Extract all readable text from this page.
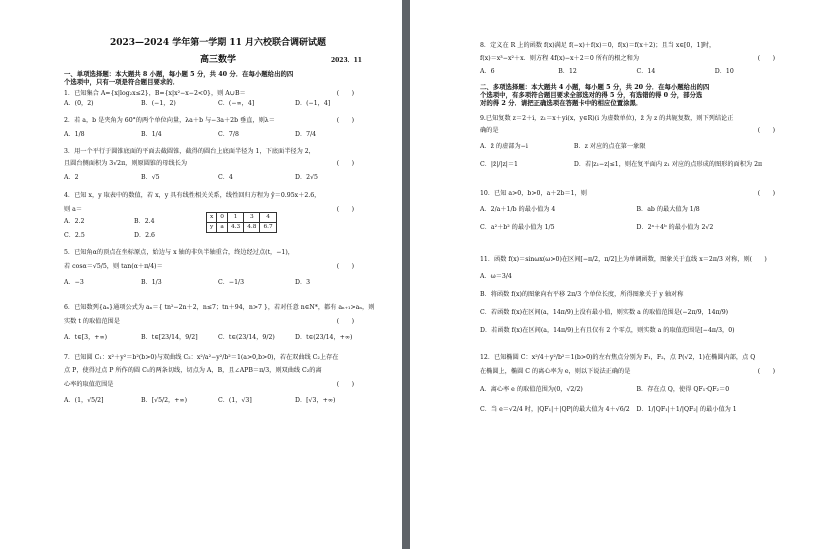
2023—2024 学年第一学期 11 月六校联合调研试题
高三数学	2023．11
一、单项选择题：本大题共 8 小题，每小题 5 分，共 40 分．在每小题给出的四
个选项中，只有一项是符合题目要求的．
1．已知集合 A={x|log₂x≤2}，B={x|x²−x−2<0}，则 A∪B＝	(　　)
A．(0，2)	B．(−1，2)	C．(−∞，4]	D．(−1，4]
2．若 a，b 是夹角为 60°的两个单位向量，λa＋b 与−3a＋2b 垂直，则λ＝	(　　)
A．1/8	B．1/4	C．7/8	D．7/4
3．用一个平行于圆锥底面的平面去截圆锥，截得的圆台上底面半径为 1，下底面半径为 2，
且圆台侧面积为 3√2π，则原圆锥的母线长为	(　　)
A．2	B．√5	C．4	D．2√5
4．已知 x，y 取表中的数值，若 x，y 具有线性相关关系，线性回归方程为 ŷ＝0.95x＋2.6，
则 a＝	(　　)
A．2.2	B．2.4
C．2.5	D．2.6
x	0	1	3	4
y	a	4.3	4.8	6.7
5．已知角α的顶点在坐标原点，始边与 x 轴的非负半轴重合，终边经过点(t，−1)，
若 cosα＝√5/5，则 tan(α＋π/4)＝	(　　)
A．−3	B．1/3	C．−1/3	D．3
6．已知数列{aₙ}通项公式为 aₙ＝{ tn²−2n＋2，n≤7；tn＋94，n>7 }，若对任意 n∈N*，都有 aₙ₊₁>aₙ，则
实数 t 的取值范围是	(　　)
A．t∈[3，+∞)	B．t∈[23/14，9/2]	C．t∈(23/14，9/2)	D．t∈(23/14，+∞)
7．已知圆 C₁：x²＋y²＝b²(b>0)与双曲线 C₂：x²/a²−y²/b²＝1(a>0,b>0)，若在双曲线 C₂上存在
点 P，使得过点 P 所作的圆 C₁的两条切线，切点为 A，B，且∠APB＝π/3，则双曲线 C₂的离
心率的取值范围是	(　　)
A．(1，√5/2]	B．[√5/2，+∞)	C．(1，√3]	D．[√3，+∞)
8．定义在 R 上的函数 f(x)满足 f(−x)＋f(x)＝0，f(x)＝f(x＋2)；且当 x∈[0，1]时，
f(x)＝x³−x²＋x．则方程 4f(x)−x＋2＝0 所有的根之和为	(　　)
A．6	B．12	C．14	D．10
二、多项选择题：本大题共 4 小题，每小题 5 分，共 20 分．在每小题给出的四
个选项中，有多项符合题目要求全部选对的得 5 分，有选错的得 0 分，部分选
对的得 2 分．请把正确选项在答题卡中的相应位置涂黑．
9.已知复数 z＝2＋i，z₁＝x＋yi(x，y∈R)(i 为虚数单位)，z̄ 为 z 的共轭复数，则下列结论正
确的是	(　　)
A．z̄ 的虚部为−i	B．z 对应的点在第一象限
C．|z̄|/|z|＝1	D．若|z₁−z|≤1，则在复平面内 z₁ 对应的点形成的图形的面积为 2π
10．已知 a>0，b>0，a＋2b＝1，则	(　　)
A．2/a＋1/b 的最小值为 4	B．ab 的最大值为 1/8
C．a²＋b² 的最小值为 1/5	D．2ᵃ＋4ᵇ 的最小值为 2√2
11．函数 f(x)＝sinωx(ω>0)在区间[−π/2，π/2]上为单调函数，图象关于直线 x＝2π/3 对称，则(　　)
A．ω＝3/4
B．将函数 f(x)的图象向右平移 2π/3 个单位长度，所得图象关于 y 轴对称
C．若函数 f(x)在区间(a，14π/9)上没有最小值，则实数 a 的取值范围是(−2π/9，14π/9)
D．若函数 f(x)在区间(a，14π/9)上有且仅有 2 个零点，则实数 a 的取值范围是[−4π/3，0)
12．已知椭圆 C：x²/4＋y²/b²＝1(b>0)的左右焦点分别为 F₁，F₂，点 P(√2，1)在椭圆内部，点 Q
在椭圆上，椭圆 C 的离心率为 e，则以下说法正确的是	(　　)
A．离心率 e 的取值范围为(0，√2/2)	B．存在点 Q，使得 QF₁·QF₂＝0
C．当 e＝√2/4 时，|QF₁|＋|QP|的最大值为 4＋√6/2	D．1/|QF₁|＋1/|QF₂| 的最小值为 1
